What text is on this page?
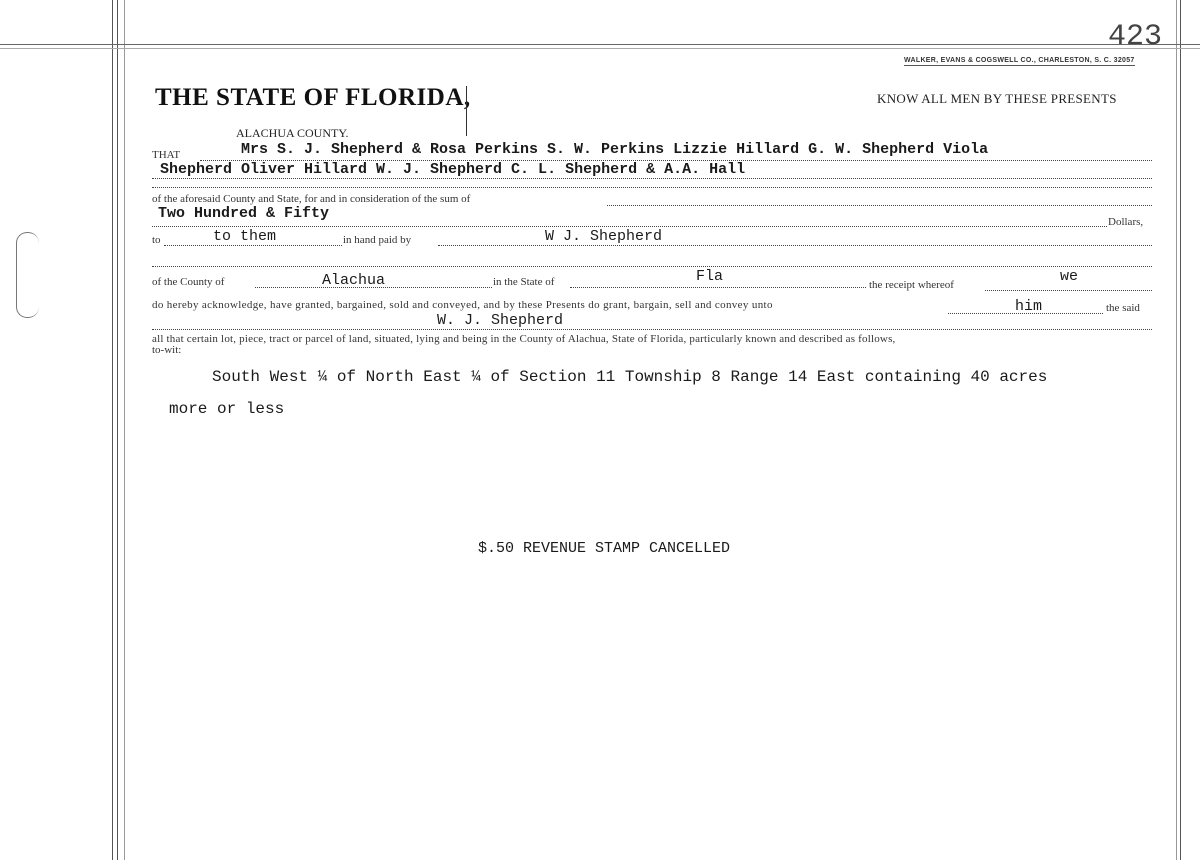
423
WALKER, EVANS & COGSWELL CO., CHARLESTON, S. C. 32057
THE STATE OF FLORIDA,	KNOW ALL MEN BY THESE PRESENTS
ALACHUA COUNTY.
THAT	Mrs S. J. Shepherd & Rosa Perkins S. W. Perkins Lizzie Hillard G. W. Shepherd Viola
Shepherd Oliver Hillard W. J. Shepherd C. L. Shepherd & A.A. Hall
of the aforesaid County and State, for and in consideration of the sum of
Two Hundred & Fifty	Dollars,
to	to them	in hand paid by	W J. Shepherd
of the County of	Alachua	in the State of	Fla	the receipt whereof	we
do hereby acknowledge, have granted, bargained, sold and conveyed, and by these Presents do grant, bargain, sell and convey unto	him	the said
W. J. Shepherd
all that certain lot, piece, tract or parcel of land, situated, lying and being in the County of Alachua, State of Florida, particularly known and described as follows,
to-wit:
South West ¼ of North East ¼ of Section 11 Township 8 Range 14 East containing 40 acres
more or less
$.50 REVENUE STAMP CANCELLED
